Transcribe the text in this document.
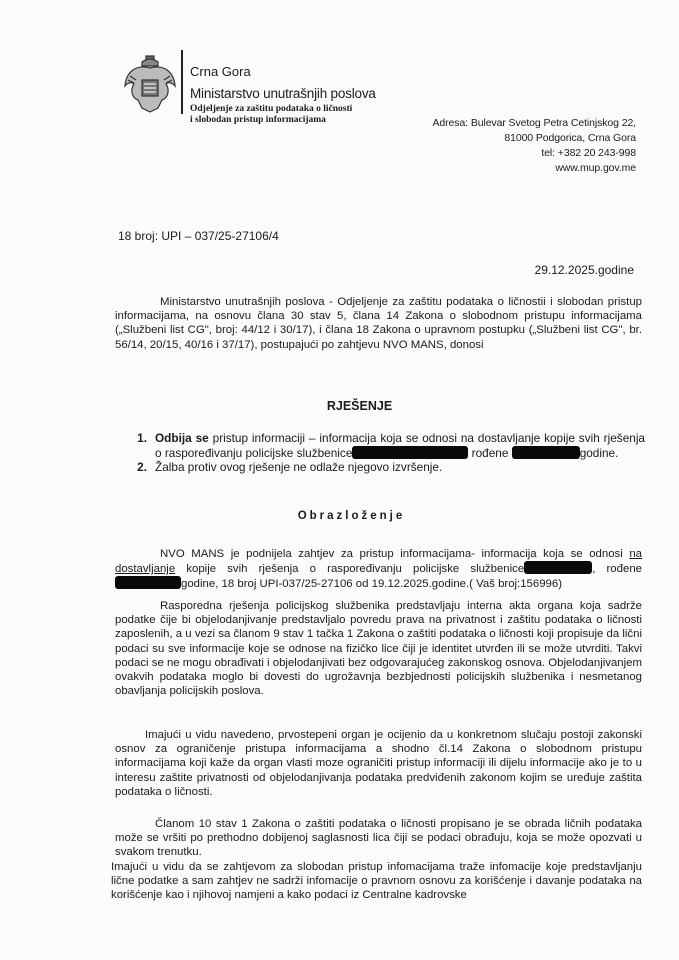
Crna Gora
Ministarstvo unutrašnjih poslova
Odjeljenje za zaštitu podataka o ličnosti
i slobodan pristup informacijama	Adresa: Bulevar Svetog Petra Cetinjskog 22,
81000 Podgorica, Crna Gora
tel: +382 20 243-998
www.mup.gov.me
18 broj: UPI – 037/25-27106/4
29.12.2025.godine
Ministarstvo unutrašnjih poslova - Odjeljenje za zaštitu podataka o ličnostii i slobodan pristup informacijama, na osnovu člana 30 stav 5, člana 14 Zakona o slobodnom pristupu informacijama („Službeni list CG", broj: 44/12 i 30/17), i člana 18 Zakona o upravnom postupku („Službeni list CG", br. 56/14, 20/15, 40/16 i 37/17), postupajući po zahtjevu NVO MANS, donosi
RJEŠENJE
1. Odbija se pristup informaciji – informacija koja se odnosi na dostavljanje kopije svih rješenja o raspoređivanju policijske službenice	rođene	godine.
2. Žalba protiv ovog rješenje ne odlaže njegovo izvršenje.
Obrazloženje
NVO MANS je podnijela zahtjev za pristup informacijama- informacija koja se odnosi na dostavljanje kopije svih rješenja o raspoređivanju policijske službenice	, rođene godine, 18 broj UPI-037/25-27106 od 19.12.2025.godine.( Vaš broj:156996)
Rasporedna rješenja policijskog službenika predstavljaju interna akta organa koja sadrže podatke čije bi objelodanjivanje predstavljalo povredu prava na privatnost i zaštitu podataka o ličnosti zaposlenih, a u vezi sa članom 9 stav 1 tačka 1 Zakona o zaštiti podataka o ličnosti koji propisuje da lični podaci su sve informacije koje se odnose na fizičko lice čiji je identitet utvrđen ili se može utvrditi. Takvi podaci se ne mogu obrađivati i objelodanjivati bez odgovarajućeg zakonskog osnova. Objelodanjivanjem ovakvih podataka moglo bi dovesti do ugrožavnja bezbjednosti policijskih službenika i nesmetanog obavljanja policijskih poslova.
Imajući u vidu navedeno, prvostepeni organ je ocijenio da u konkretnom slučaju postoji zakonski osnov za ograničenje pristupa informacijama a shodno čl.14 Zakona o slobodnom pristupu informacijama koji kaže da organ vlasti moze ograničiti pristup informaciji ili dijelu informacije ako je to u interesu zaštite privatnosti od objelodanjivanja podataka predviđenih zakonom kojim se uređuje zaštita podataka o ličnosti.
Članom 10 stav 1 Zakona o zaštiti podataka o ličnosti propisano je se obrada ličnih podataka može se vršiti po prethodno dobijenoj saglasnosti lica čiji se podaci obrađuju, koja se može opozvati u svakom trenutku.
Imajući u vidu da se zahtjevom za slobodan pristup infomacijama traže infomacije koje predstavljanju lične podatke a sam zahtjev ne sadrži infomacije o pravnom osnovu za korišćenje i davanje podataka na korišćenje kao i njihovoj namjeni a kako podaci iz Centralne kadrovske
